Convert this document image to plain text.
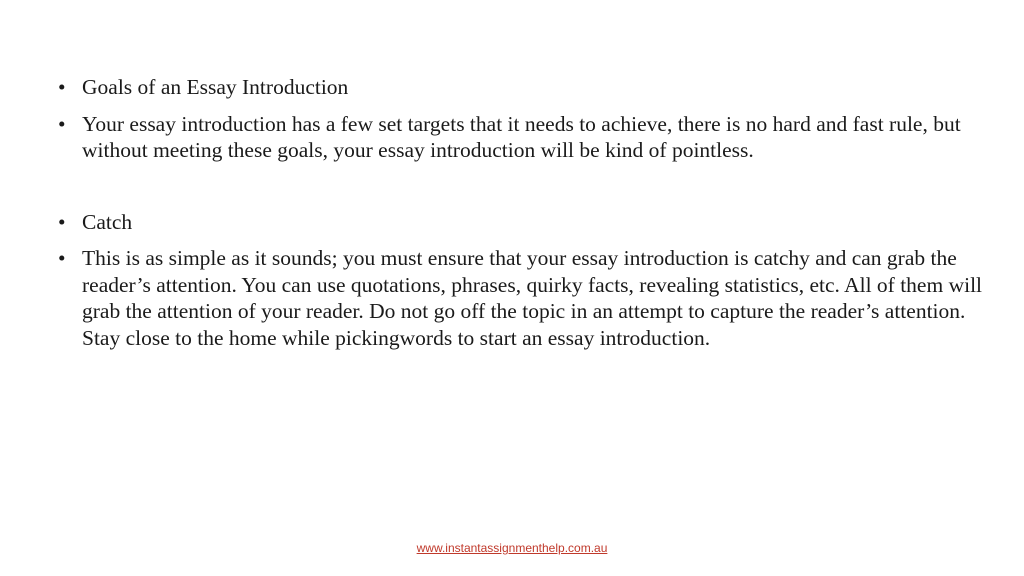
• Goals of an Essay Introduction
• Your essay introduction has a few set targets that it needs to achieve, there is no hard and fast rule, but without meeting these goals, your essay introduction will be kind of pointless.
• Catch
• This is as simple as it sounds; you must ensure that your essay introduction is catchy and can grab the reader’s attention. You can use quotations, phrases, quirky facts, revealing statistics, etc. All of them will grab the attention of your reader. Do not go off the topic in an attempt to capture the reader’s attention. Stay close to the home while pickingwords to start an essay introduction.
www.instantassignmenthelp.com.au
